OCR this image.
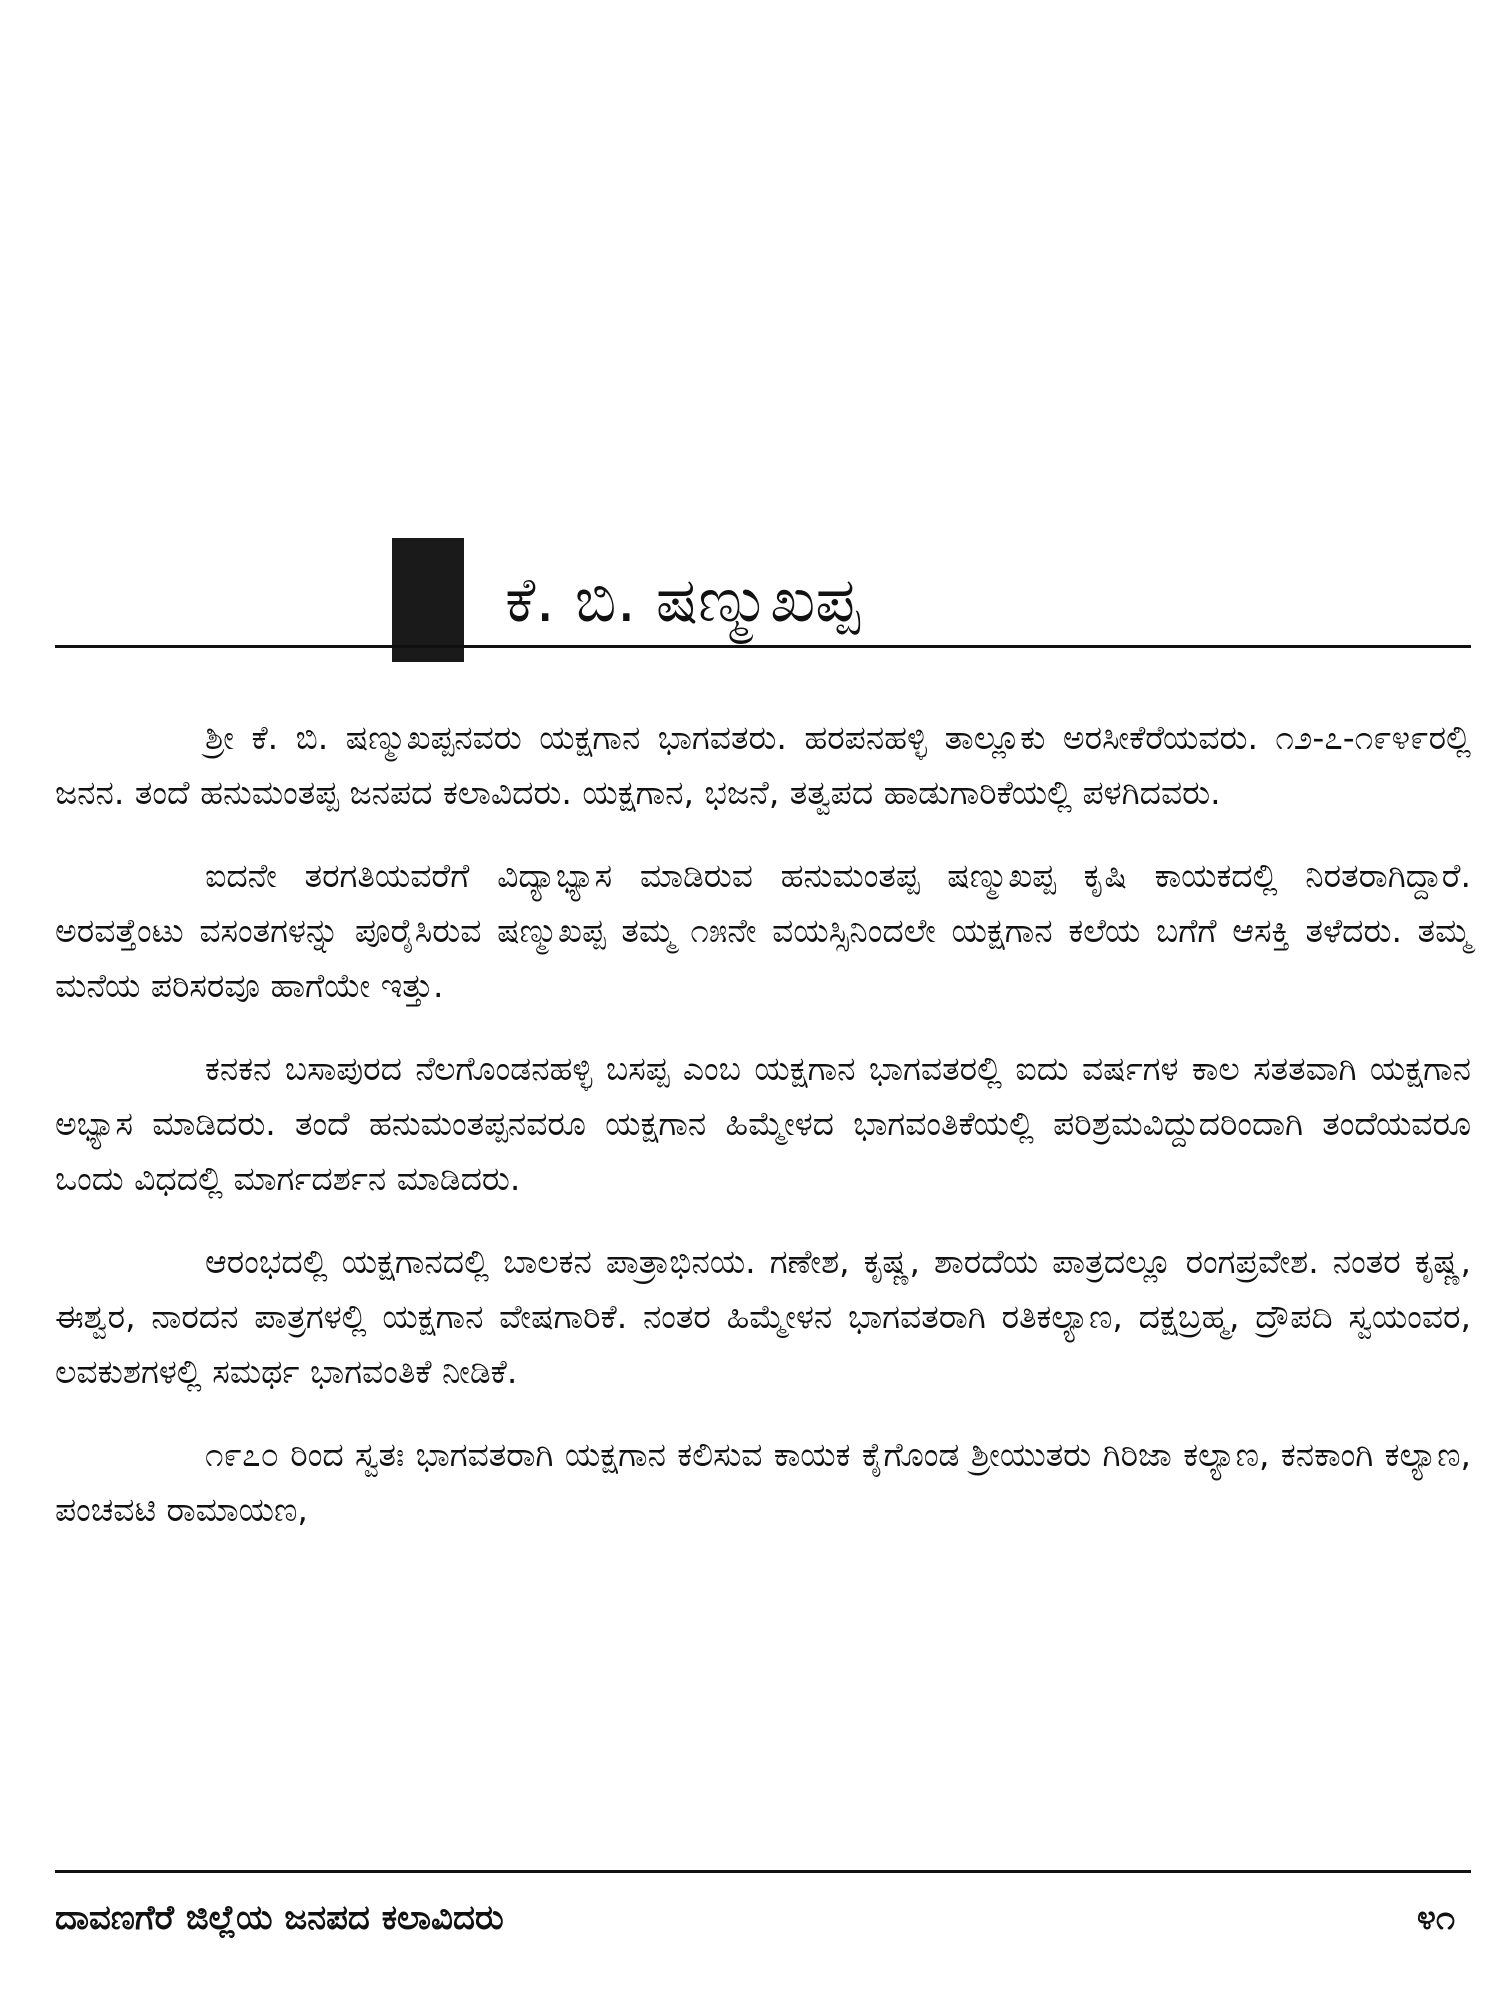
ಕೆ. ಬಿ. ಷಣ್ಮುಖಪ್ಪ

ಶ್ರೀ ಕೆ. ಬಿ. ಷಣ್ಮುಖಪ್ಪನವರು ಯಕ್ಷಗಾನ ಭಾಗವತರು. ಹರಪನಹಳ್ಳಿ ತಾಲ್ಲೂಕು ಅರಸೀಕೆರೆಯವರು. ೧೨-೭-೧೯೪೯ರಲ್ಲಿ ಜನನ. ತಂದೆ ಹನುಮಂತಪ್ಪ ಜನಪದ ಕಲಾವಿದರು. ಯಕ್ಷಗಾನ, ಭಜನೆ, ತತ್ವಪದ ಹಾಡುಗಾರಿಕೆಯಲ್ಲಿ ಪಳಗಿದವರು.

ಐದನೇ ತರಗತಿಯವರೆಗೆ ವಿದ್ಯಾಭ್ಯಾಸ ಮಾಡಿರುವ ಹನುಮಂತಪ್ಪ ಷಣ್ಮುಖಪ್ಪ ಕೃಷಿ ಕಾಯಕದಲ್ಲಿ ನಿರತರಾಗಿದ್ದಾರೆ. ಅರವತ್ತೆಂಟು ವಸಂತಗಳನ್ನು ಪೂರೈಸಿರುವ ಷಣ್ಮುಖಪ್ಪ ತಮ್ಮ ೧೫ನೇ ವಯಸ್ಸಿನಿಂದಲೇ ಯಕ್ಷಗಾನ ಕಲೆಯ ಬಗೆಗೆ ಆಸಕ್ತಿ ತಳೆದರು. ತಮ್ಮ ಮನೆಯ ಪರಿಸರವೂ ಹಾಗೆಯೇ ಇತ್ತು.

ಕನಕನ ಬಸಾಪುರದ ನೆಲಗೊಂಡನಹಳ್ಳಿ ಬಸಪ್ಪ ಎಂಬ ಯಕ್ಷಗಾನ ಭಾಗವತರಲ್ಲಿ ಐದು ವರ್ಷಗಳ ಕಾಲ ಸತತವಾಗಿ ಯಕ್ಷಗಾನ ಅಭ್ಯಾಸ ಮಾಡಿದರು. ತಂದೆ ಹನುಮಂತಪ್ಪನವರೂ ಯಕ್ಷಗಾನ ಹಿಮ್ಮೇಳದ ಭಾಗವಂತಿಕೆಯಲ್ಲಿ ಪರಿಶ್ರಮವಿದ್ದುದರಿಂದಾಗಿ ತಂದೆಯವರೂ ಒಂದು ವಿಧದಲ್ಲಿ ಮಾರ್ಗದರ್ಶನ ಮಾಡಿದರು.

ಆರಂಭದಲ್ಲಿ ಯಕ್ಷಗಾನದಲ್ಲಿ ಬಾಲಕನ ಪಾತ್ರಾಭಿನಯ. ಗಣೇಶ, ಕೃಷ್ಣ, ಶಾರದೆಯ ಪಾತ್ರದಲ್ಲೂ ರಂಗಪ್ರವೇಶ. ನಂತರ ಕೃಷ್ಣ, ಈಶ್ವರ, ನಾರದನ ಪಾತ್ರಗಳಲ್ಲಿ ಯಕ್ಷಗಾನ ವೇಷಗಾರಿಕೆ. ನಂತರ ಹಿಮ್ಮೇಳನ ಭಾಗವತರಾಗಿ ರತಿಕಲ್ಯಾಣ, ದಕ್ಷಬ್ರಹ್ಮ, ದ್ರೌಪದಿ ಸ್ವಯಂವರ, ಲವಕುಶಗಳಲ್ಲಿ ಸಮರ್ಥ ಭಾಗವಂತಿಕೆ ನೀಡಿಕೆ.

೧೯೭೦ ರಿಂದ ಸ್ವತಃ ಭಾಗವತರಾಗಿ ಯಕ್ಷಗಾನ ಕಲಿಸುವ ಕಾಯಕ ಕೈಗೊಂಡ ಶ್ರೀಯುತರು ಗಿರಿಜಾ ಕಲ್ಯಾಣ, ಕನಕಾಂಗಿ ಕಲ್ಯಾಣ, ಪಂಚವಟಿ ರಾಮಾಯಣ,

ದಾವಣಗೆರೆ ಜಿಲ್ಲೆಯ ಜನಪದ ಕಲಾವಿದರು	೪೧
